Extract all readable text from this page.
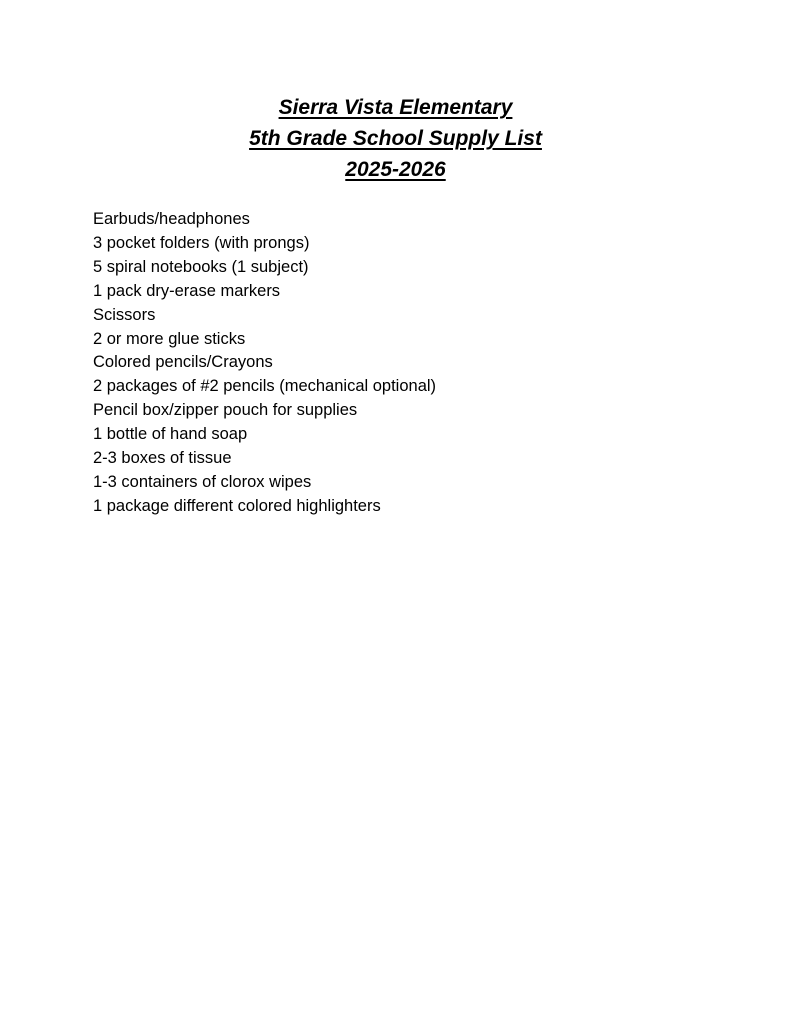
Sierra Vista Elementary
5th Grade School Supply List
2025-2026
Earbuds/headphones
3 pocket folders (with prongs)
5 spiral notebooks (1 subject)
1 pack dry-erase markers
Scissors
2 or more glue sticks
Colored pencils/Crayons
2 packages of #2 pencils (mechanical optional)
Pencil box/zipper pouch for supplies
1 bottle of hand soap
2-3 boxes of tissue
1-3 containers of clorox wipes
1 package different colored highlighters
